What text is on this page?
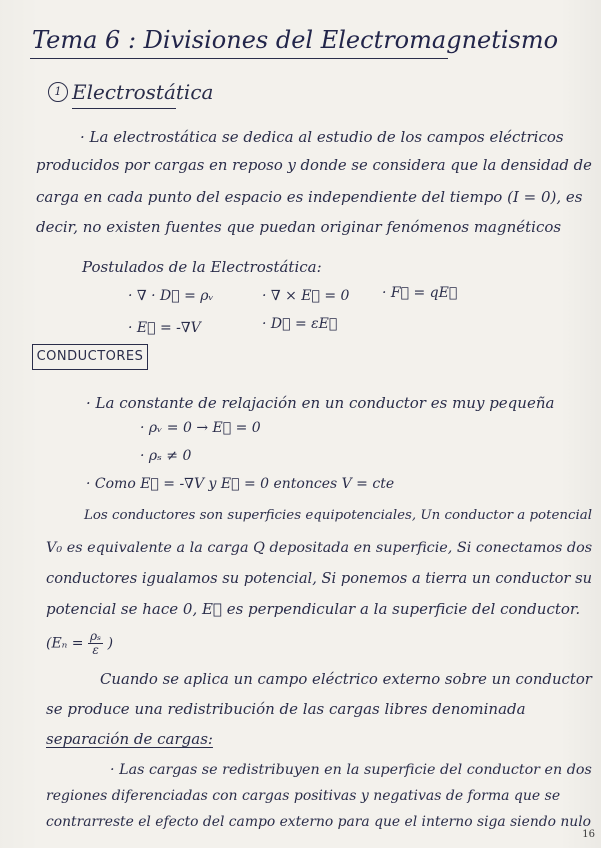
Tema 6 : Divisiones del Electromagnetismo
1 Electrostática
· La electrostática se dedica al estudio de los campos eléctricos
producidos por cargas en reposo y donde se considera que la densidad de
carga en cada punto del espacio es independiente del tiempo (I = 0), es
decir, no existen fuentes que puedan originar fenómenos magnéticos
Postulados de la Electrostática:
· ∇ · D⃗ = ρᵥ	· ∇ × E⃗ = 0 · F⃗ = qE⃗
· E⃗ = -∇V	· D⃗ = εE⃗
CONDUCTORES
· La constante de relajación en un conductor es muy pequeña
· ρᵥ = 0 → E⃗ = 0
· ρₛ ≠ 0
· Como E⃗ = -∇V y E⃗ = 0 entonces V = cte
Los conductores son superficies equipotenciales, Un conductor a potencial
V₀ es equivalente a la carga Q depositada en superficie, Si conectamos dos
conductores igualamos su potencial, Si ponemos a tierra un conductor su
potencial se hace 0, E⃗ es perpendicular a la superficie del conductor.
($E_n = \frac{\text{ρₛ}}{\varepsilon}$ )
Cuando se aplica un campo eléctrico externo sobre un conductor
se produce una redistribución de las cargas libres denominada
separación de cargas:
· Las cargas se redistribuyen en la superficie del conductor en dos
regiones diferenciadas con cargas positivas y negativas de forma que se
contrarreste el efecto del campo externo para que el interno siga siendo nulo
16
